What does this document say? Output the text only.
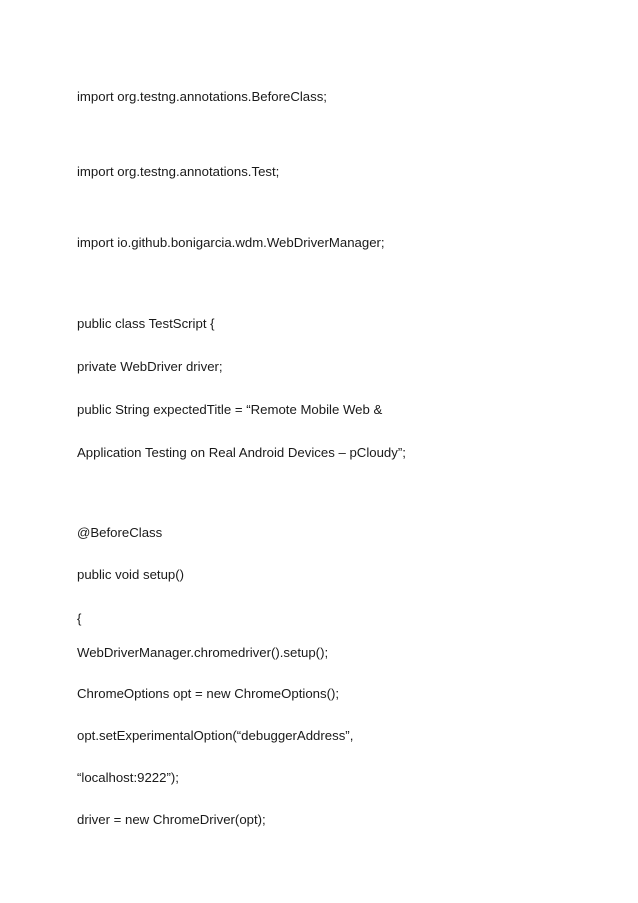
import org.testng.annotations.BeforeClass;

import org.testng.annotations.Test;

import io.github.bonigarcia.wdm.WebDriverManager;

public class TestScript {

private WebDriver driver;

public String expectedTitle = “Remote Mobile Web &

Application Testing on Real Android Devices – pCloudy”;

@BeforeClass

public void setup()

{

WebDriverManager.chromedriver().setup();

ChromeOptions opt = new ChromeOptions();

opt.setExperimentalOption(“debuggerAddress”,

“localhost:9222”);

driver = new ChromeDriver(opt);
